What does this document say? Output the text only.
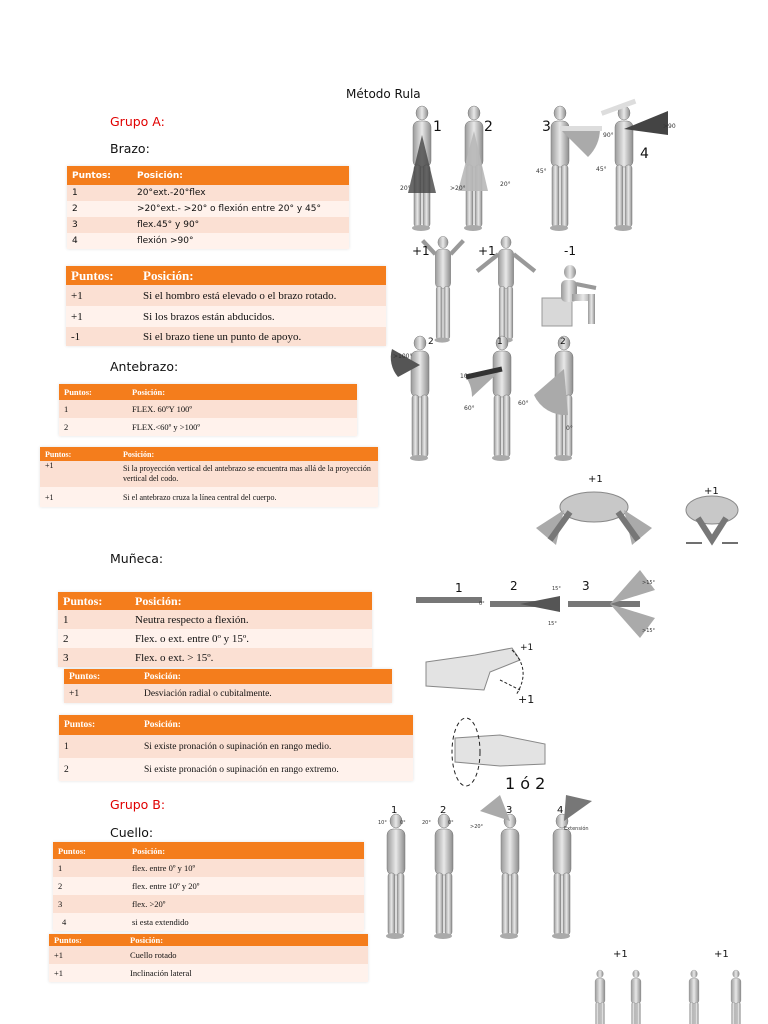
Método Rula
Grupo A:
Brazo:
Antebrazo:
Muñeca:
Grupo B:
Cuello:
Puntos:	Posición:
1	20°ext.-20°flex
2	>20°ext.- >20° o flexión entre 20° y 45°
3	flex.45° y 90°
4	flexión >90°
Puntos:	Posición:
+1	Si el hombro está elevado o el brazo rotado.
+1	Si los brazos están abducidos.
-1	Si el brazo tiene un punto de apoyo.
Puntos:	Posición:
1	FLEX. 60ºY 100º
2	FLEX.<60º y >100º
Puntos:	Posición:
+1	Si la proyección vertical del antebrazo se encuentra mas allá de la proyección vertical del codo.
+1	Si el antebrazo cruza la línea central del cuerpo.
Puntos:	Posición:
1	Neutra respecto a flexión.
2	Flex. o ext. entre 0º y 15º.
3	Flex. o ext. > 15º.
Puntos:	Posición:
+1	Desviación radial o cubitalmente.
Puntos:	Posición:
1	Si existe pronación o supinación en rango medio.
2	Si existe pronación o supinación en rango extremo.
Puntos:	Posición:
1	flex. entre 0º y 10º
2	flex. entre 10º y 20º
3	flex. >20º
4	si esta extendido
Puntos:	Posición:
+1	Cuello rotado
+1	Inclinación lateral
1	2	3
4
20°	>20°
20°
45°
90°
45°
>90
+1	+1	-1
2	1	2
>100°
100°
60°
60°
0°
+1
+1
1	2	3
0°
15°
15°
>15°
>15°
+1
+1
1 ó 2
1	2	3	4
10°	0°	20°	0°
>20°	Extensión
+1	+1
